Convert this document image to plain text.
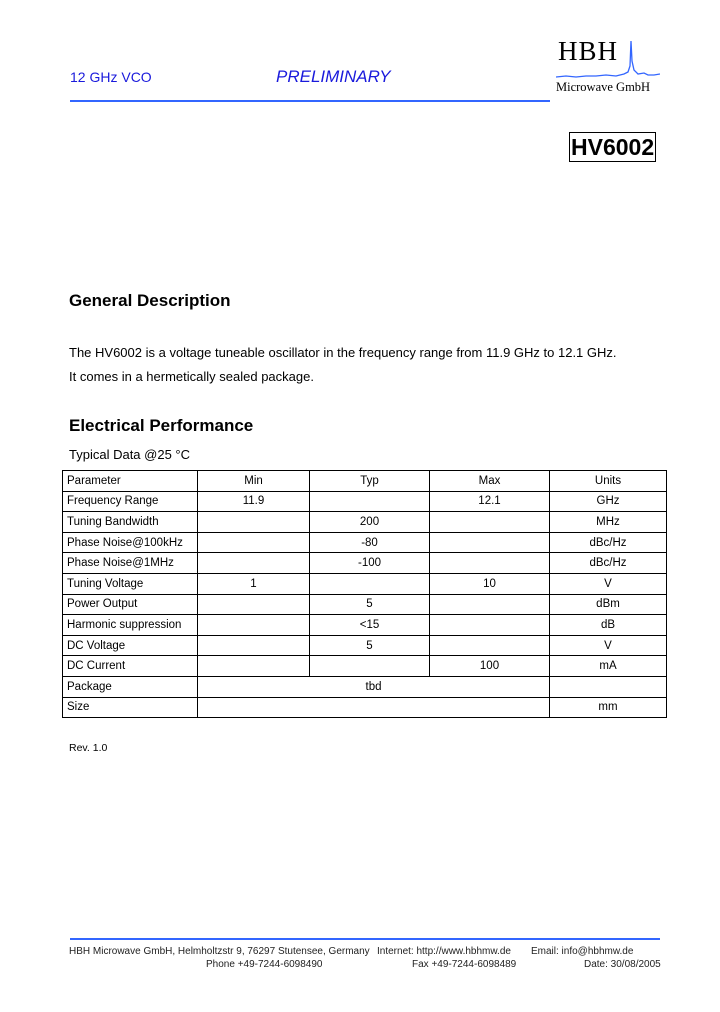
12 GHz VCO	PRELIMINARY
HBH
Microwave GmbH
HV6002
General Description
The HV6002 is a voltage tuneable oscillator in the frequency range from 11.9 GHz to 12.1 GHz.
It comes in a hermetically sealed package.
Electrical Performance
Typical Data @25 °C
Parameter	Min	Typ	Max	Units
Frequency Range	11.9		12.1	GHz
Tuning Bandwidth		200		MHz
Phase Noise@100kHz		-80		dBc/Hz
Phase Noise@1MHz		-100		dBc/Hz
Tuning Voltage	1		10	V
Power Output		5		dBm
Harmonic suppression		<15		dB
DC Voltage		5		V
DC Current			100	mA
Package	tbd			
Size				mm
Rev. 1.0
HBH Microwave GmbH, Helmholtzstr 9, 76297 Stutensee, Germany
Phone +49-7244-6098490
Internet: http://www.hbhmw.de
Fax +49-7244-6098489
Email: info@hbhmw.de
Date: 30/08/2005
